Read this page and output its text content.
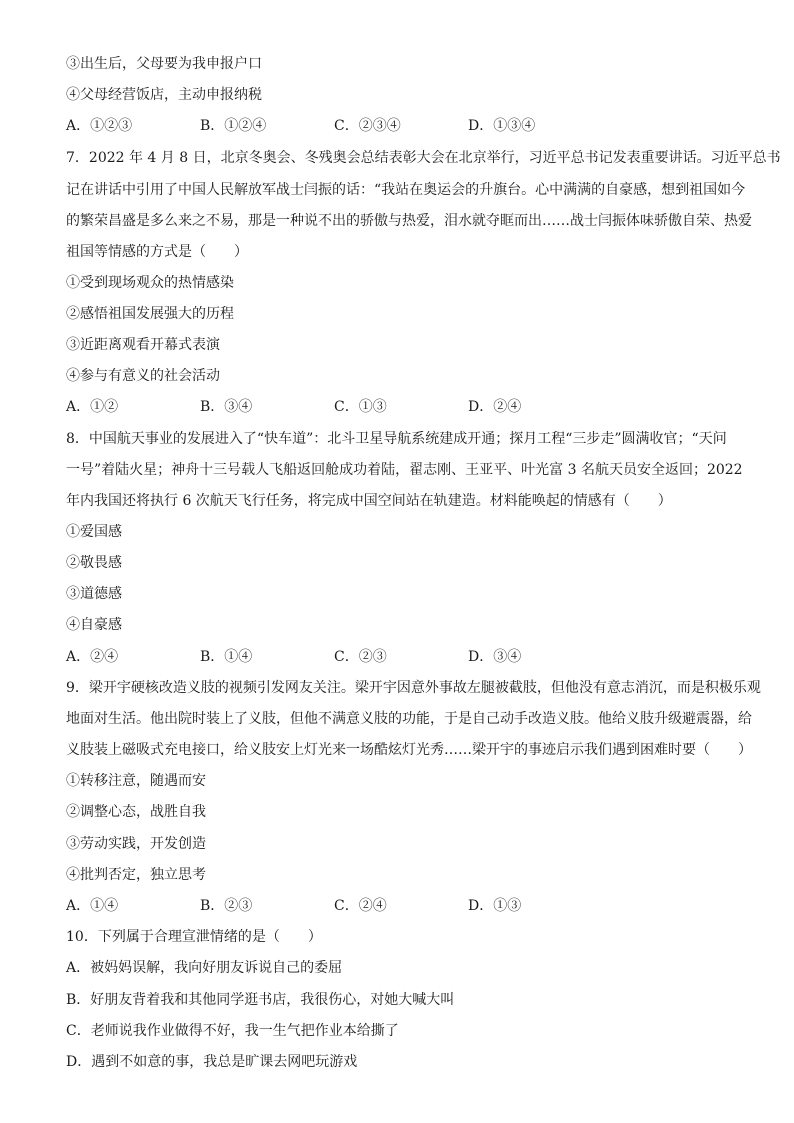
③出生后，父母要为我申报户口
④父母经营饭店，主动申报纳税
A．①②③	B．①②④	C．②③④	D．①③④
7．2022 年 4 月 8 日，北京冬奥会、冬残奥会总结表彰大会在北京举行，习近平总书记发表重要讲话。习近平总书
记在讲话中引用了中国人民解放军战士闫振的话：“我站在奥运会的升旗台。心中满满的自豪感，想到祖国如今
的繁荣昌盛是多么来之不易，那是一种说不出的骄傲与热爱，泪水就夺眶而出……战士闫振体味骄傲自荣、热爱
祖国等情感的方式是（　　）
①受到现场观众的热情感染
②感悟祖国发展强大的历程
③近距离观看开幕式表演
④参与有意义的社会活动
A．①②	B．③④	C．①③	D．②④
8．中国航天事业的发展进入了“快车道”：北斗卫星导航系统建成开通；探月工程“三步走”圆满收官；“天问
一号”着陆火星；神舟十三号载人飞船返回舱成功着陆，翟志刚、王亚平、叶光富 3 名航天员安全返回；2022
年内我国还将执行 6 次航天飞行任务，将完成中国空间站在轨建造。材料能唤起的情感有（　　）
①爱国感
②敬畏感
③道德感
④自豪感
A．②④	B．①④	C．②③	D．③④
9．梁开宇硬核改造义肢的视频引发网友关注。梁开宇因意外事故左腿被截肢，但他没有意志消沉，而是积极乐观
地面对生活。他出院时装上了义肢，但他不满意义肢的功能，于是自己动手改造义肢。他给义肢升级避震器，给
义肢装上磁吸式充电接口，给义肢安上灯光来一场酷炫灯光秀……梁开宇的事迹启示我们遇到困难时要（　　）
①转移注意，随遇而安
②调整心态，战胜自我
③劳动实践，开发创造
④批判否定，独立思考
A．①④	B．②③	C．②④	D．①③
10．下列属于合理宣泄情绪的是（　　）
A．被妈妈误解，我向好朋友诉说自己的委屈
B．好朋友背着我和其他同学逛书店，我很伤心，对她大喊大叫
C．老师说我作业做得不好，我一生气把作业本给撕了
D．遇到不如意的事，我总是旷课去网吧玩游戏
